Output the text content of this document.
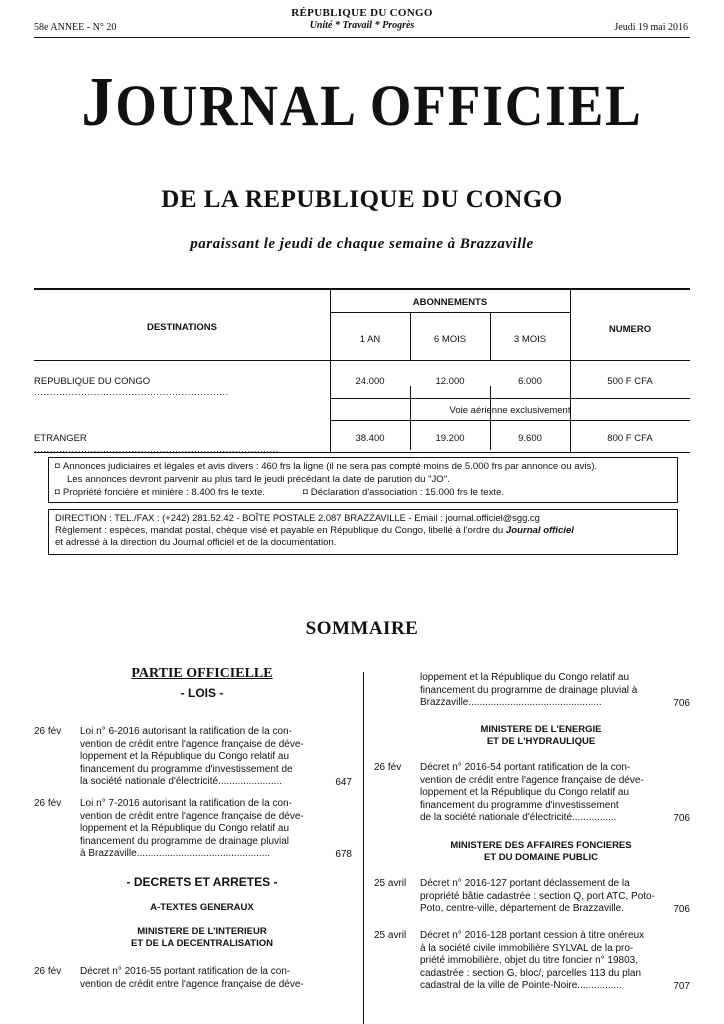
58e ANNEE - N° 20
RÉPUBLIQUE DU CONGO
Unité * Travail * Progrès	Jeudi 19 mai 2016
JOURNAL OFFICIEL
DE LA REPUBLIQUE DU CONGO
paraissant le jeudi de chaque semaine à Brazzaville
DESTINATIONS
ABONNEMENTS
NUMERO
1 AN	6 MOIS	3 MOIS
REPUBLIQUE DU CONGO ..............................................................
24.000	12.000	6.000	500 F CFA
Voie aérienne exclusivement
ETRANGER ..............................................................................
38.400	19.200	9.600	800 F CFA
◘ Annonces judiciaires et légales et avis divers : 460 frs la ligne (il ne sera pas compté moins de 5.000 frs par annonce ou avis).
Les annonces devront parvenir au plus tard le jeudi précédant la date de parution du "JO".
◘ Propriété foncière et minière : 8.400 frs le texte.	◘ Déclaration d'association : 15.000 frs le texte.
DIRECTION : TEL./FAX : (+242) 281.52.42 - BOÎTE POSTALE 2.087 BRAZZAVILLE - Email : journal.officiel@sgg.cg
Règlement : espèces, mandat postal, chèque visé et payable en République du Congo, libellé à l'ordre du Journal officiel
et adressé à la direction du Journal officiel et de la documentation.
SOMMAIRE
PARTIE OFFICIELLE
- LOIS -
26 fév	Loi n° 6-2016 autorisant la ratification de la con-
vention de crédit entre l'agence française de déve-
loppement et la République du Congo relatif au
financement du programme d'investissement de
la société nationale d'électricité.......................	647
26 fév	Loi n° 7-2016 autorisant la ratification de la con-
vention de crédit entre l'agence française de déve-
loppement et la République du Congo relatif au
financement du programme de drainage pluvial
à Brazzaville................................................	678
- DECRETS ET ARRETES -
A-TEXTES GENERAUX
MINISTERE DE L'INTERIEUR
ET DE LA DECENTRALISATION
26 fév	Décret n° 2016-55 portant ratification de la con-
vention de crédit entre l'agence française de déve-
loppement et la République du Congo relatif au
financement du programme de drainage pluvial à
Brazzaville................................................	706
MINISTERE DE L'ENERGIE
ET DE L'HYDRAULIQUE
26 fév	Décret n° 2016-54 portant ratification de la con-
vention de crédit entre l'agence française de déve-
loppement et la République du Congo relatif au
financement du programme d'investissement
de la société nationale d'électricité................	706
MINISTERE DES AFFAIRES FONCIERES
ET DU DOMAINE PUBLIC
25 avril	Décret n° 2016-127 portant déclassement de la
propriété bâtie cadastrée : section Q, port ATC, Poto-
Poto, centre-ville, département de Brazzaville.	706
25 avril	Décret n° 2016-128 portant cession à titre onéreux
à la société civile immobilière SYLVAL de la pro-
priété immobilière, objet du titre foncier n° 19803,
cadastrée : section G, bloc/, parcelles 113 du plan
cadastral de la ville de Pointe-Noire................	707
